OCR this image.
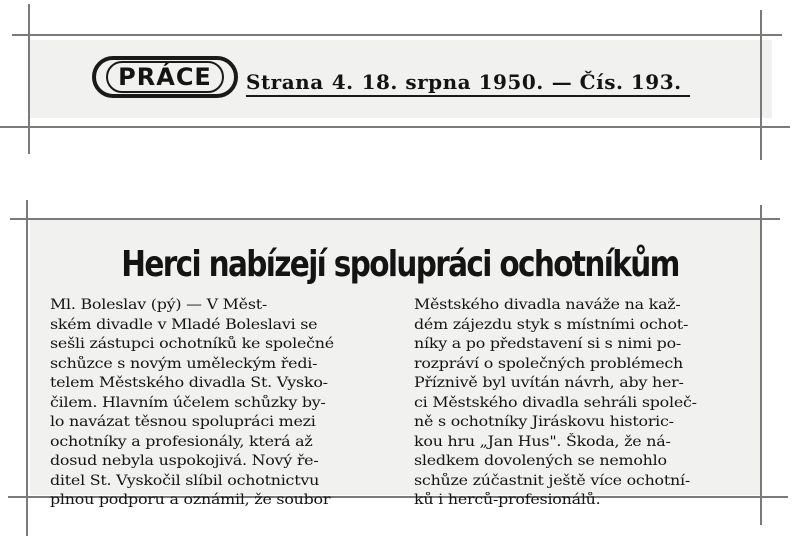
PRÁCE	Strana 4. 18. srpna 1950. — Čís. 193.
Herci nabízejí spolupráci ochotníkům
Ml. Boleslav (pý) — V Měst-
ském divadle v Mladé Boleslavi se
sešli zástupci ochotníků ke společné
schůzce s novým uměleckým ředi-
telem Městského divadla St. Vysko-
čilem. Hlavním účelem schůzky by-
lo navázat těsnou spolupráci mezi
ochotníky a profesionály, která až
dosud nebyla uspokojivá. Nový ře-
ditel St. Vyskočil slíbil ochotnictvu
plnou podporu a oznámil, že soubor
Městského divadla naváže na kaž-
dém zájezdu styk s místními ochot-
níky a po představení si s nimi po-
rozpráví o společných problémech
Příznivě byl uvítán návrh, aby her-
ci Městského divadla sehráli společ-
ně s ochotníky Jiráskovu historic-
kou hru „Jan Hus". Škoda, že ná-
sledkem dovolených se nemohlo
schůze zúčastnit ještě více ochotní-
ků i herců-profesionálů.
